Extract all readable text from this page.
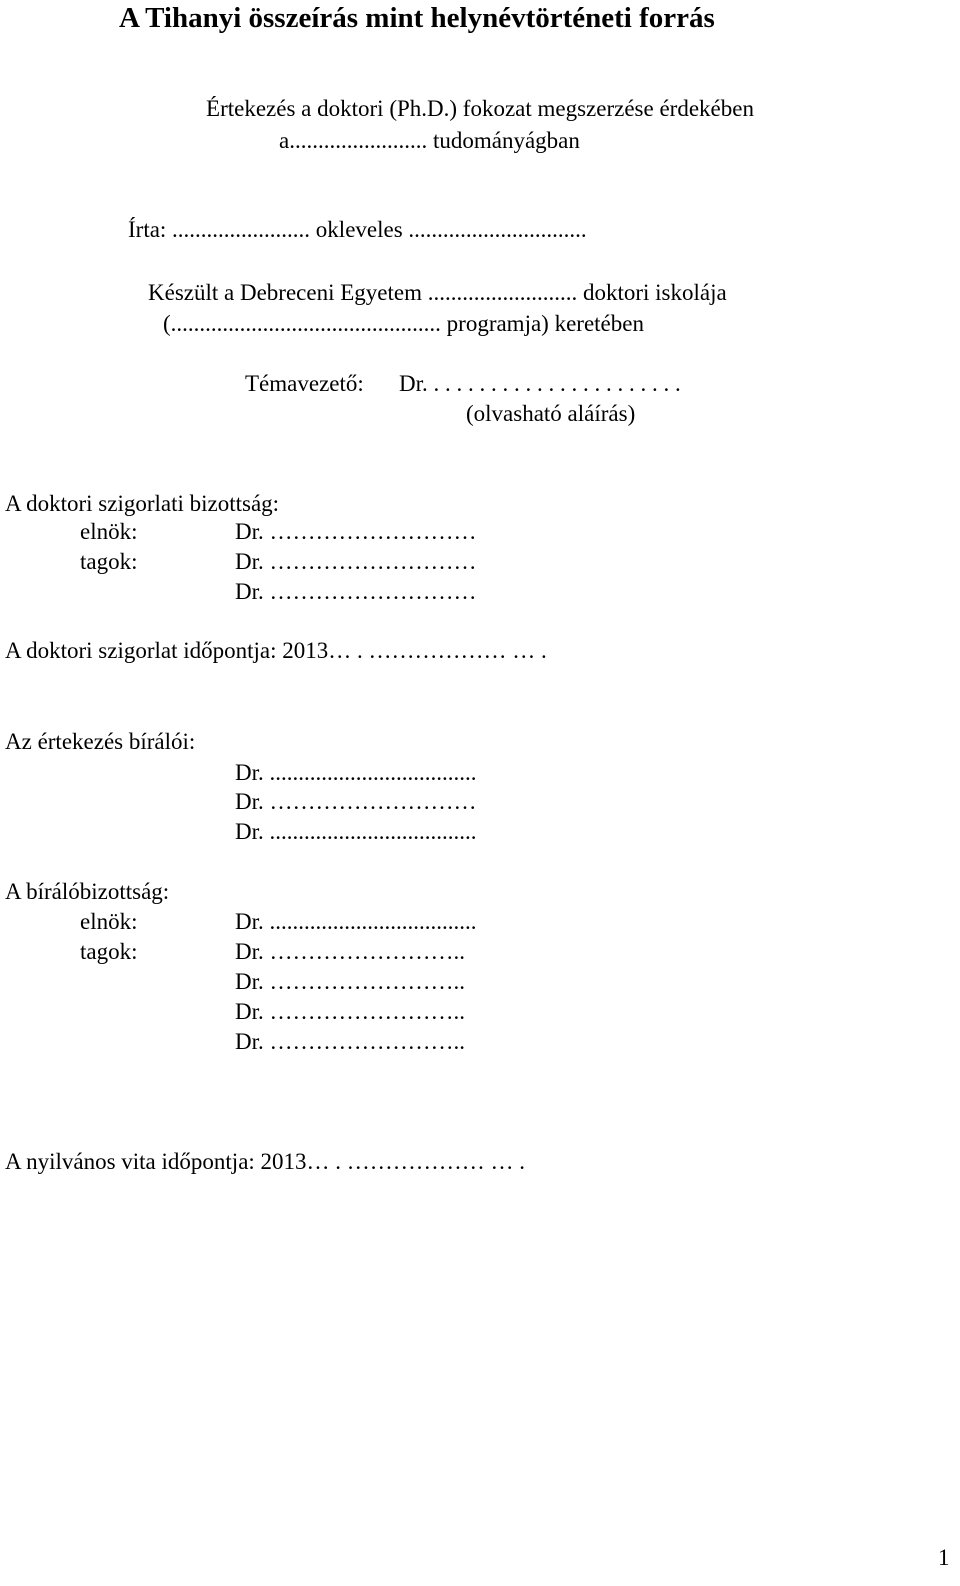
A Tihanyi összeírás mint helynévtörténeti forrás
Értekezés a doktori (Ph.D.) fokozat megszerzése érdekében
a........................ tudományágban
Írta: ........................ okleveles ...............................
Készült a Debreceni Egyetem .......................... doktori iskolája
(............................................... programja) keretében
Témavezető: Dr. . . . . . . . . . . . . . . . . . . . . . .
(olvasható aláírás)
A doktori szigorlati bizottság:
elnök:	Dr. ………………………
tagok:	Dr. ………………………
Dr. ………………………
A doktori szigorlat időpontja: 2013… . ……………… … .
Az értekezés bírálói:
Dr. ....................................
Dr. ………………………
Dr. ....................................
A bírálóbizottság:
elnök:	Dr. ....................................
tagok:	Dr. ……………………..
Dr. ……………………..
Dr. ……………………..
Dr. ……………………..
A nyilvános vita időpontja: 2013… . ……………… … .
1
